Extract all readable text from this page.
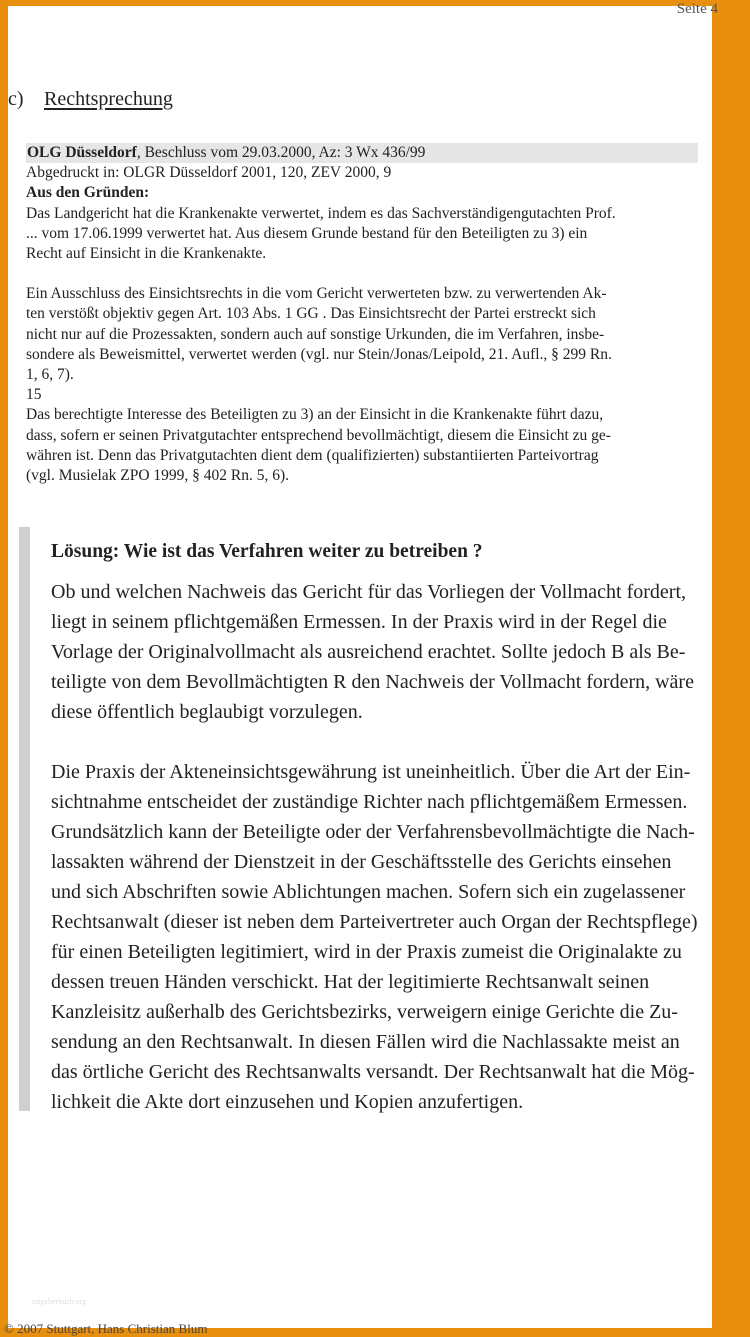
Seite 4
c) Rechtsprechung
OLG Düsseldorf, Beschluss vom 29.03.2000, Az: 3 Wx 436/99
Abgedruckt in: OLGR Düsseldorf 2001, 120, ZEV 2000, 9
Aus den Gründen:
Das Landgericht hat die Krankenakte verwertet, indem es das Sachverständigengutachten Prof.
... vom 17.06.1999 verwertet hat. Aus diesem Grunde bestand für den Beteiligten zu 3) ein
Recht auf Einsicht in die Krankenakte.
Ein Ausschluss des Einsichtsrechts in die vom Gericht verwerteten bzw. zu verwertenden Ak-
ten verstößt objektiv gegen Art. 103 Abs. 1 GG . Das Einsichtsrecht der Partei erstreckt sich
nicht nur auf die Prozessakten, sondern auch auf sonstige Urkunden, die im Verfahren, insbe-
sondere als Beweismittel, verwertet werden (vgl. nur Stein/Jonas/Leipold, 21. Aufl., § 299 Rn.
1, 6, 7).
15
Das berechtigte Interesse des Beteiligten zu 3) an der Einsicht in die Krankenakte führt dazu,
dass, sofern er seinen Privatgutachter entsprechend bevollmächtigt, diesem die Einsicht zu ge-
währen ist. Denn das Privatgutachten dient dem (qualifizierten) substantiierten Parteivortrag
(vgl. Musielak ZPO 1999, § 402 Rn. 5, 6).
Lösung: Wie ist das Verfahren weiter zu betreiben ?
Ob und welchen Nachweis das Gericht für das Vorliegen der Vollmacht fordert,
liegt in seinem pflichtgemäßen Ermessen. In der Praxis wird in der Regel die
Vorlage der Originalvollmacht als ausreichend erachtet. Sollte jedoch B als Be-
teiligte von dem Bevollmächtigten R den Nachweis der Vollmacht fordern, wäre
diese öffentlich beglaubigt vorzulegen.
Die Praxis der Akteneinsichtsgewährung ist uneinheitlich. Über die Art der Ein-
sichtnahme entscheidet der zuständige Richter nach pflichtgemäßem Ermessen.
Grundsätzlich kann der Beteiligte oder der Verfahrensbevollmächtigte die Nach-
lassakten während der Dienstzeit in der Geschäftsstelle des Gerichts einsehen
und sich Abschriften sowie Ablichtungen machen. Sofern sich ein zugelassener
Rechtsanwalt (dieser ist neben dem Parteivertreter auch Organ der Rechtspflege)
für einen Beteiligten legitimiert, wird in der Praxis zumeist die Originalakte zu
dessen treuen Händen verschickt. Hat der legitimierte Rechtsanwalt seinen
Kanzleisitz außerhalb des Gerichtsbezirks, verweigern einige Gerichte die Zu-
sendung an den Rechtsanwalt. In diesen Fällen wird die Nachlassakte meist an
das örtliche Gericht des Rechtsanwalts versandt. Der Rechtsanwalt hat die Mög-
lichkeit die Akte dort einzusehen und Kopien anzufertigen.
ratgeberbuch.org
© 2007 Stuttgart, Hans Christian Blum
